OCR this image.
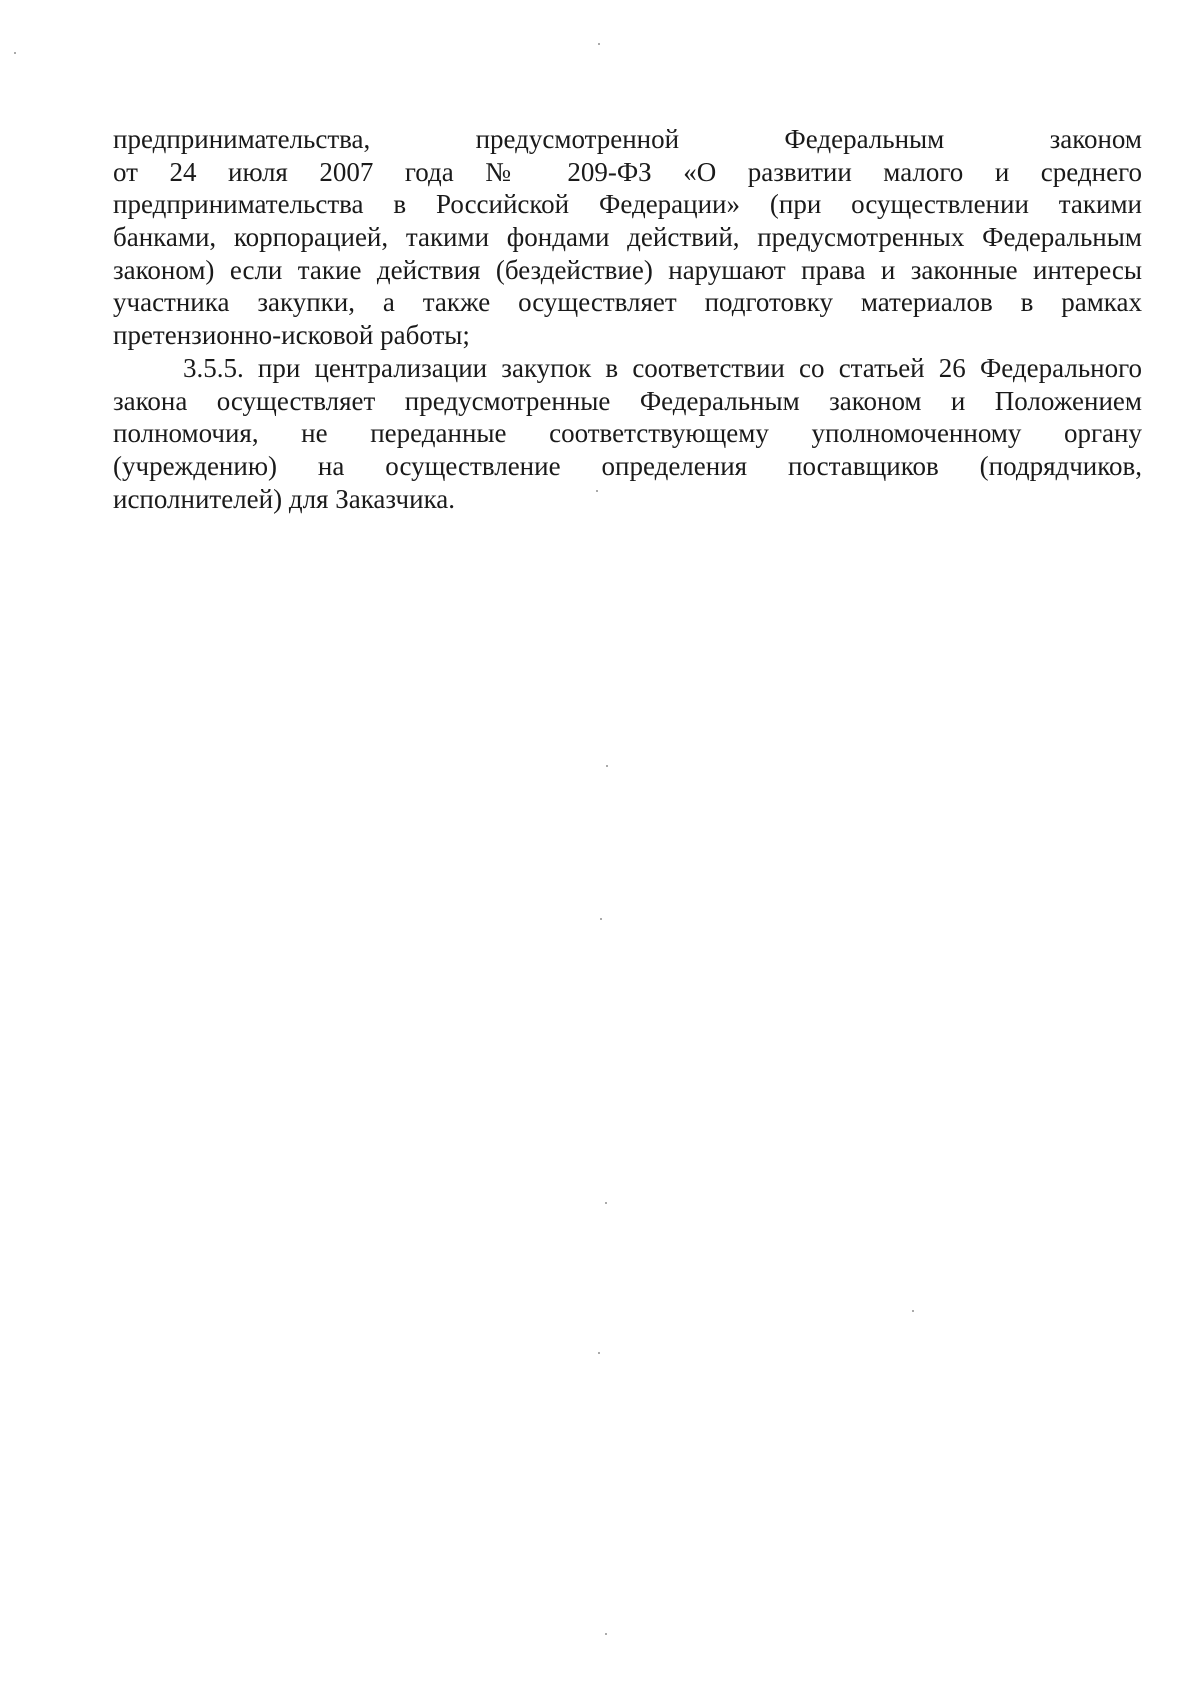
предпринимательства, предусмотренной Федеральным законом
от 24 июля 2007 года № 209-ФЗ «О развитии малого и среднего
предпринимательства в Российской Федерации» (при осуществлении такими
банками, корпорацией, такими фондами действий, предусмотренных Федеральным
законом) если такие действия (бездействие) нарушают права и законные интересы
участника закупки, а также осуществляет подготовку материалов в рамках
претензионно-исковой работы;
3.5.5. при централизации закупок в соответствии со статьей 26 Федерального
закона осуществляет предусмотренные Федеральным законом и Положением
полномочия, не переданные соответствующему уполномоченному органу
(учреждению) на осуществление определения поставщиков (подрядчиков,
исполнителей) для Заказчика.
